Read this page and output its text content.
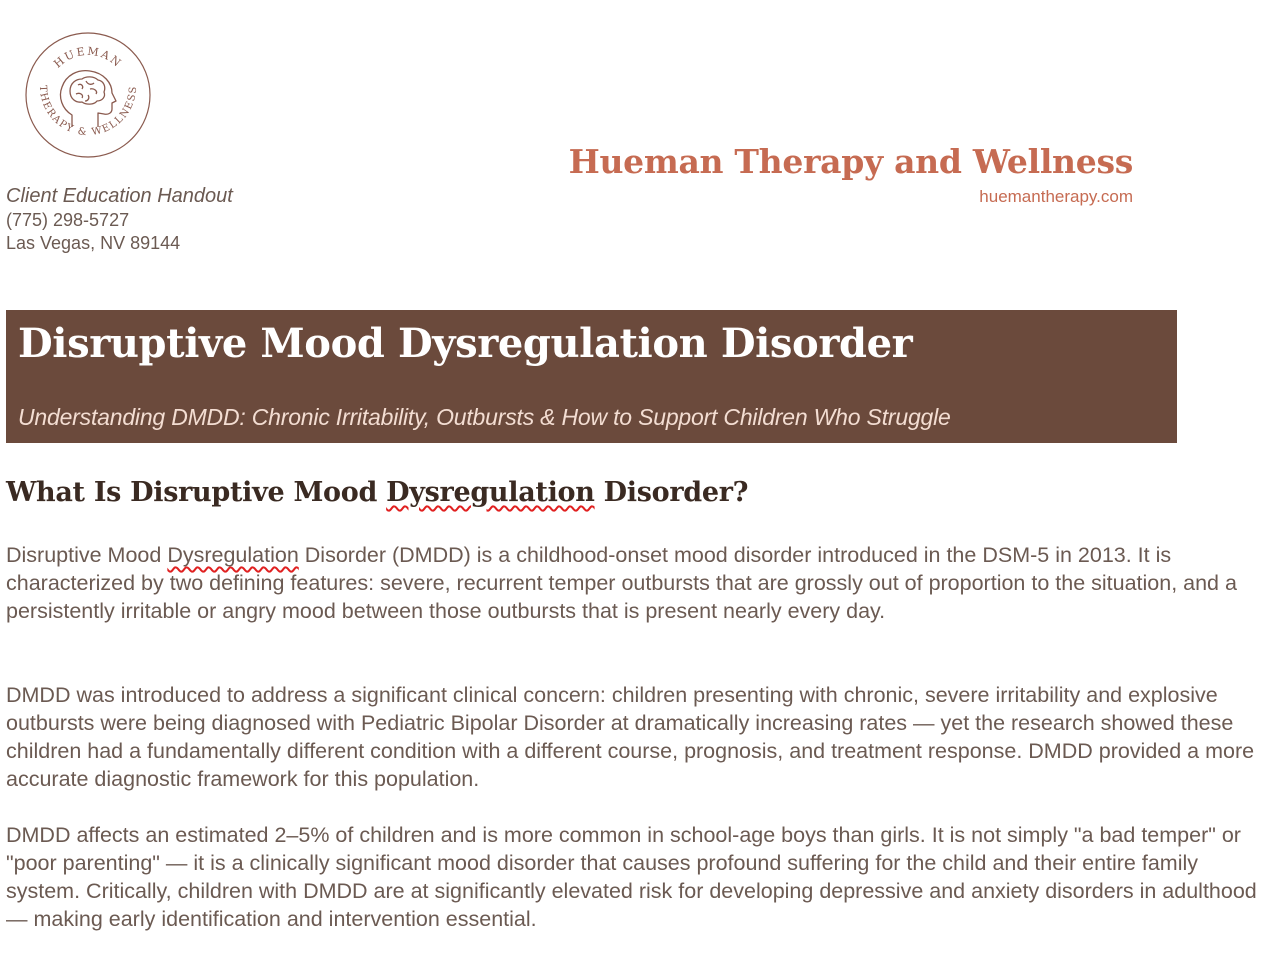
HUEMAN
THERAPY & WELLNESS
Hueman Therapy and Wellness
huemantherapy.com
Client Education Handout
(775) 298-5727
Las Vegas, NV 89144
Disruptive Mood Dysregulation Disorder
Understanding DMDD: Chronic Irritability, Outbursts & How to Support Children Who Struggle
What Is Disruptive Mood Dysregulation Disorder?

Disruptive Mood Dysregulation Disorder (DMDD) is a childhood-onset mood disorder introduced in the DSM-5 in 2013. It is characterized by two defining features: severe, recurrent temper outbursts that are grossly out of proportion to the situation, and a persistently irritable or angry mood between those outbursts that is present nearly every day.

DMDD was introduced to address a significant clinical concern: children presenting with chronic, severe irritability and explosive outbursts were being diagnosed with Pediatric Bipolar Disorder at dramatically increasing rates — yet the research showed these children had a fundamentally different condition with a different course, prognosis, and treatment response. DMDD provided a more accurate diagnostic framework for this population.

DMDD affects an estimated 2–5% of children and is more common in school-age boys than girls. It is not simply "a bad temper" or "poor parenting" — it is a clinically significant mood disorder that causes profound suffering for the child and their entire family system. Critically, children with DMDD are at significantly elevated risk for developing depressive and anxiety disorders in adulthood — making early identification and intervention essential.
